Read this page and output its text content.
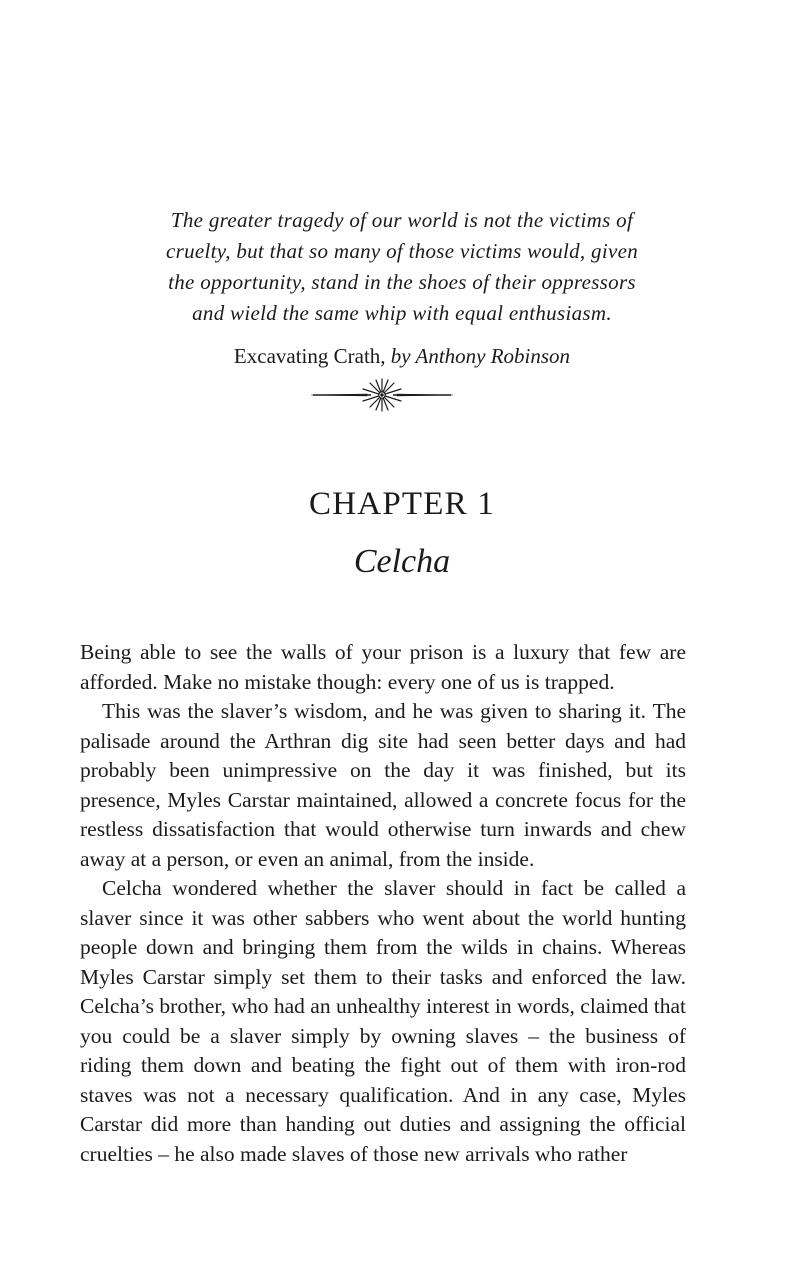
The greater tragedy of our world is not the victims of
cruelty, but that so many of those victims would, given
the opportunity, stand in the shoes of their oppressors
and wield the same whip with equal enthusiasm.
Excavating Crath, by Anthony Robinson
CHAPTER 1
Celcha

Being able to see the walls of your prison is a luxury that few are afforded. Make no mistake though: every one of us is trapped.

This was the slaver’s wisdom, and he was given to sharing it. The palisade around the Arthran dig site had seen better days and had probably been unimpressive on the day it was finished, but its presence, Myles Carstar maintained, allowed a concrete focus for the restless dissatisfaction that would otherwise turn inwards and chew away at a person, or even an animal, from the inside.

Celcha wondered whether the slaver should in fact be called a slaver since it was other sabbers who went about the world hunting people down and bringing them from the wilds in chains. Whereas Myles Carstar simply set them to their tasks and enforced the law. Celcha’s brother, who had an unhealthy interest in words, claimed that you could be a slaver simply by owning slaves – the business of riding them down and beating the fight out of them with iron-rod staves was not a necessary qualification. And in any case, Myles Carstar did more than handing out duties and assigning the official cruelties – he also made slaves of those new arrivals who rather
